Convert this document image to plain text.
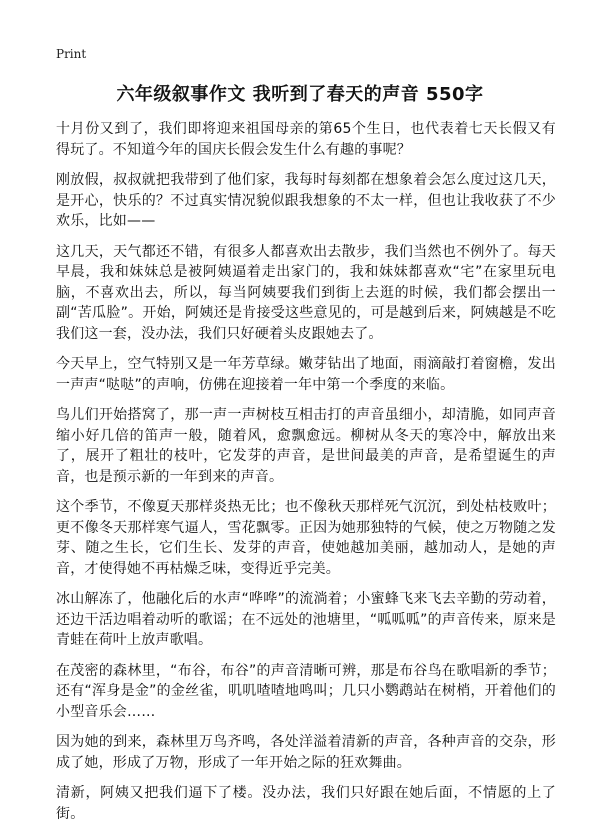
Print
六年级叙事作文 我听到了春天的声音 550字

十月份又到了，我们即将迎来祖国母亲的第65个生日，也代表着七天长假又有得玩了。不知道今年的国庆长假会发生什么有趣的事呢？

刚放假，叔叔就把我带到了他们家，我每时每刻都在想象着会怎么度过这几天，是开心，快乐的？不过真实情况貌似跟我想象的不太一样，但也让我收获了不少欢乐，比如——

这几天，天气都还不错，有很多人都喜欢出去散步，我们当然也不例外了。每天早晨，我和妹妹总是被阿姨逼着走出家门的，我和妹妹都喜欢“宅”在家里玩电脑，不喜欢出去，所以，每当阿姨要我们到街上去逛的时候，我们都会摆出一副“苦瓜脸”。开始，阿姨还是肯接受这些意见的，可是越到后来，阿姨越是不吃我们这一套，没办法，我们只好硬着头皮跟她去了。

今天早上，空气特别又是一年芳草绿。嫩芽钻出了地面，雨滴敲打着窗檐，发出一声声“哒哒”的声响，仿佛在迎接着一年中第一个季度的来临。

鸟儿们开始搭窝了，那一声一声树枝互相击打的声音虽细小，却清脆，如同声音缩小好几倍的笛声一般，随着风，愈飘愈远。柳树从冬天的寒冷中，解放出来了，展开了粗壮的枝叶，它发芽的声音，是世间最美的声音，是希望诞生的声音，也是预示新的一年到来的声音。

这个季节，不像夏天那样炎热无比；也不像秋天那样死气沉沉，到处枯枝败叶；更不像冬天那样寒气逼人，雪花飘零。正因为她那独特的气候，使之万物随之发芽、随之生长，它们生长、发芽的声音，使她越加美丽，越加动人，是她的声音，才使得她不再枯燥乏味，变得近乎完美。

冰山解冻了，他融化后的水声“哗哗”的流淌着；小蜜蜂飞来飞去辛勤的劳动着，还边干活边唱着动听的歌谣；在不远处的池塘里，“呱呱呱”的声音传来，原来是青蛙在荷叶上放声歌唱。

在茂密的森林里，“布谷，布谷”的声音清晰可辨，那是布谷鸟在歌唱新的季节；还有“浑身是金”的金丝雀，叽叽喳喳地鸣叫；几只小鹦鹉站在树梢，开着他们的小型音乐会……

因为她的到来，森林里万鸟齐鸣，各处洋溢着清新的声音，各种声音的交杂，形成了她，形成了万物，形成了一年开始之际的狂欢舞曲。

清新，阿姨又把我们逼下了楼。没办法，我们只好跟在她后面，不情愿的上了街。
